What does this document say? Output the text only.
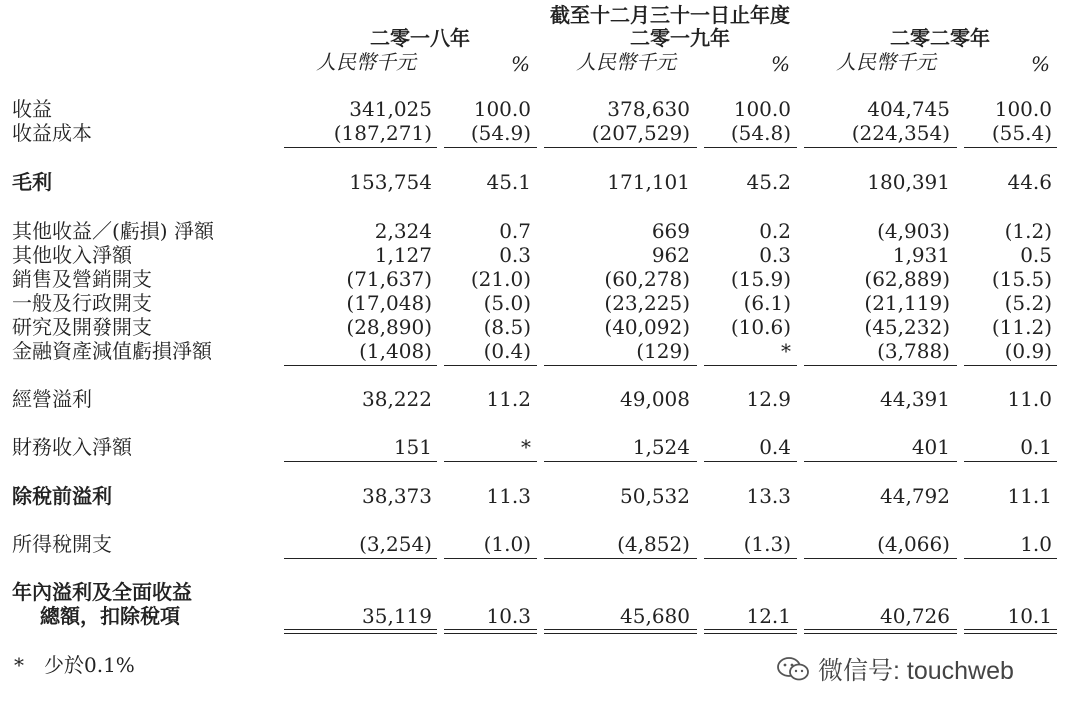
截至十二月三十一日止年度
二零一八年	二零一九年	二零二零年
人民幣千元	% 人民幣千元	% 人民幣千元	%
收益	341,025	100.0	378,630	100.0	404,745	100.0
收益成本	(187,271)	(54.9)	(207,529)	(54.8)	(224,354)	(55.4)
毛利	153,754	45.1	171,101	45.2	180,391	44.6
其他收益／(虧損) 淨額	2,324	0.7	669	0.2	(4,903)	(1.2)
其他收入淨額	1,127	0.3	962	0.3	1,931	0.5
銷售及營銷開支	(71,637)	(21.0)	(60,278)	(15.9)	(62,889)	(15.5)
一般及行政開支	(17,048)	(5.0)	(23,225)	(6.1)	(21,119)	(5.2)
研究及開發開支	(28,890)	(8.5)	(40,092)	(10.6)	(45,232)	(11.2)
金融資產減值虧損淨額	(1,408)	(0.4)	(129)	*	(3,788)	(0.9)
經營溢利	38,222	11.2	49,008	12.9	44,391	11.0
財務收入淨額	151	*	1,524	0.4	401	0.1
除稅前溢利	38,373	11.3	50,532	13.3	44,792	11.1
所得稅開支	(3,254)	(1.0)	(4,852)	(1.3)	(4,066)	1.0
年內溢利及全面收益
總額，扣除稅項	35,119	10.3	45,680	12.1	40,726	10.1
*　少於0.1%	微信号: touchweb
